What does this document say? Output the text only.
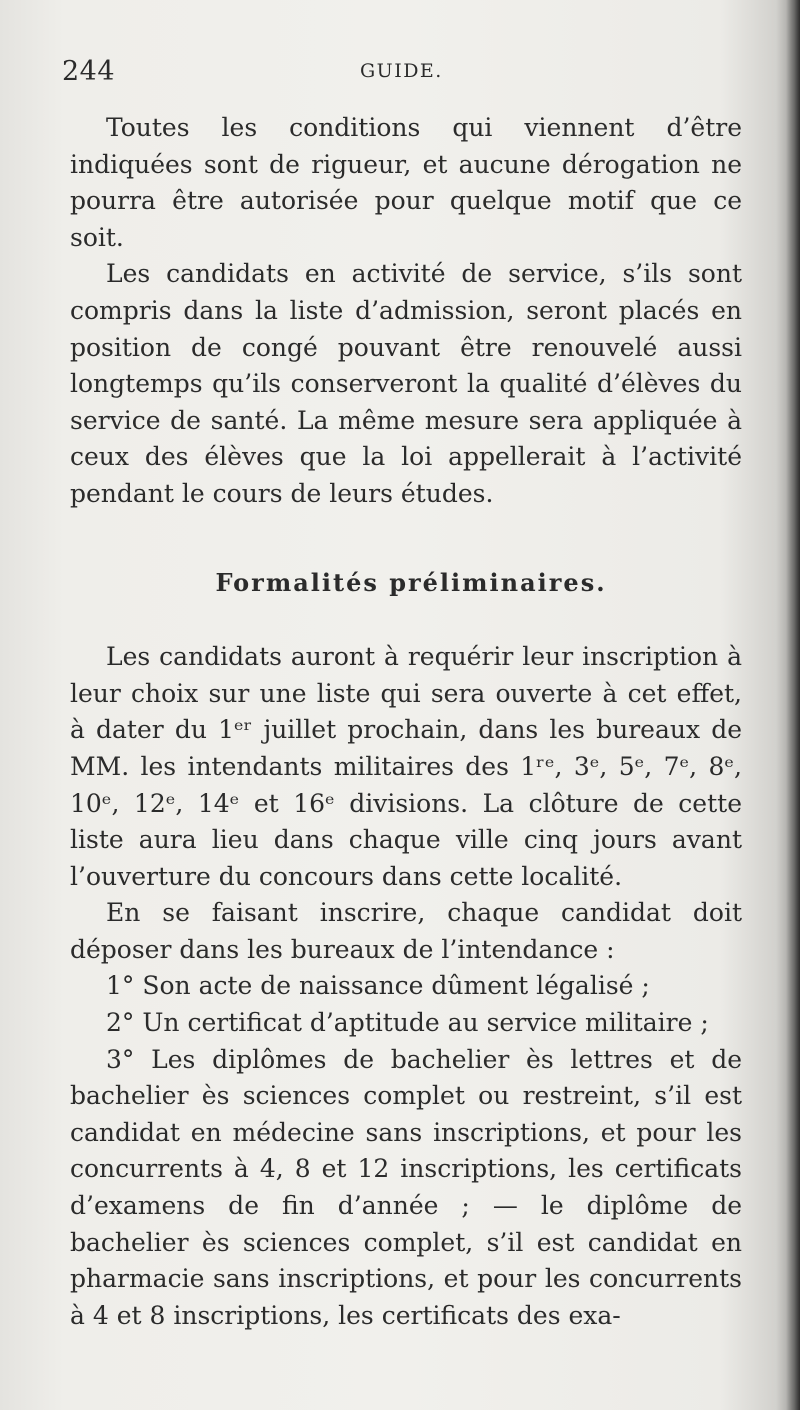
244	GUIDE.

Toutes les conditions qui viennent d’être indiquées sont de rigueur, et aucune dérogation ne pourra être autorisée pour quelque motif que ce soit.

Les candidats en activité de service, s’ils sont compris dans la liste d’admission, seront placés en position de congé pouvant être renouvelé aussi longtemps qu’ils conserveront la qualité d’élèves du service de santé. La même mesure sera appliquée à ceux des élèves que la loi appellerait à l’activité pendant le cours de leurs études.

Formalités préliminaires.

Les candidats auront à requérir leur inscription à leur choix sur une liste qui sera ouverte à cet effet, à dater du 1ᵉʳ juillet prochain, dans les bureaux de MM. les intendants militaires des 1ʳᵉ, 3ᵉ, 5ᵉ, 7ᵉ, 8ᵉ, 10ᵉ, 12ᵉ, 14ᵉ et 16ᵉ divisions. La clôture de cette liste aura lieu dans chaque ville cinq jours avant l’ouverture du concours dans cette localité.

En se faisant inscrire, chaque candidat doit déposer dans les bureaux de l’intendance :

1° Son acte de naissance dûment légalisé ;

2° Un certificat d’aptitude au service militaire ;

3° Les diplômes de bachelier ès lettres et de bachelier ès sciences complet ou restreint, s’il est candidat en médecine sans inscriptions, et pour les concurrents à 4, 8 et 12 inscriptions, les certificats d’examens de fin d’année ; — le diplôme de bachelier ès sciences complet, s’il est candidat en pharmacie sans inscriptions, et pour les concurrents à 4 et 8 inscriptions, les certificats des exa-
